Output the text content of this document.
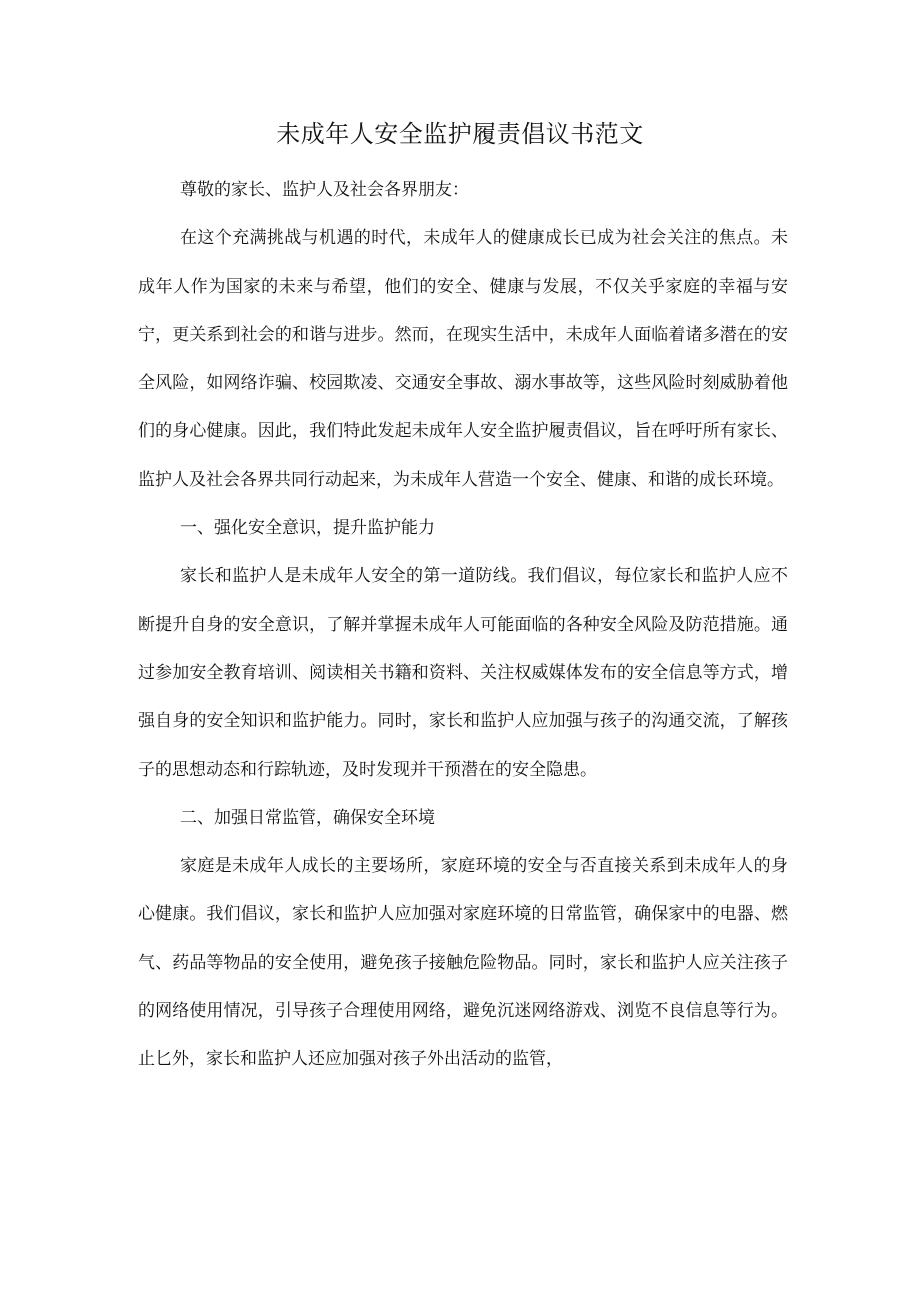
未成年人安全监护履责倡议书范文

尊敬的家长、监护人及社会各界朋友：

在这个充满挑战与机遇的时代，未成年人的健康成长已成为社会关注的焦点。未成年人作为国家的未来与希望，他们的安全、健康与发展，不仅关乎家庭的幸福与安宁，更关系到社会的和谐与进步。然而，在现实生活中，未成年人面临着诸多潜在的安全风险，如网络诈骗、校园欺凌、交通安全事故、溺水事故等，这些风险时刻威胁着他们的身心健康。因此，我们特此发起未成年人安全监护履责倡议，旨在呼吁所有家长、监护人及社会各界共同行动起来，为未成年人营造一个安全、健康、和谐的成长环境。

一、强化安全意识，提升监护能力

家长和监护人是未成年人安全的第一道防线。我们倡议，每位家长和监护人应不断提升自身的安全意识，了解并掌握未成年人可能面临的各种安全风险及防范措施。通过参加安全教育培训、阅读相关书籍和资料、关注权威媒体发布的安全信息等方式，增强自身的安全知识和监护能力。同时，家长和监护人应加强与孩子的沟通交流，了解孩子的思想动态和行踪轨迹，及时发现并干预潜在的安全隐患。

二、加强日常监管，确保安全环境

家庭是未成年人成长的主要场所，家庭环境的安全与否直接关系到未成年人的身心健康。我们倡议，家长和监护人应加强对家庭环境的日常监管，确保家中的电器、燃气、药品等物品的安全使用，避免孩子接触危险物品。同时，家长和监护人应关注孩子的网络使用情况，引导孩子合理使用网络，避免沉迷网络游戏、浏览不良信息等行为。止匕外，家长和监护人还应加强对孩子外出活动的监管，
